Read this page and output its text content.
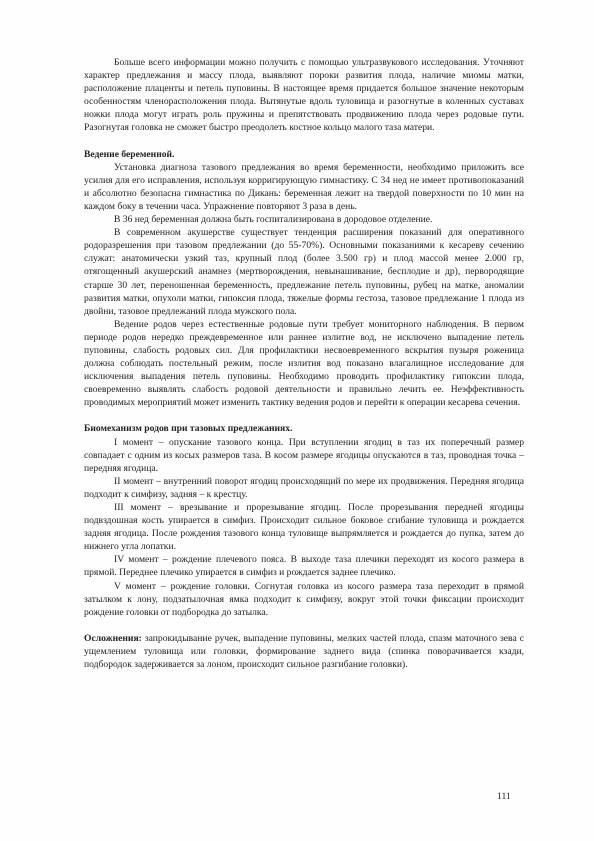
Больше всего информации можно получить с помощью ультразвукового исследования. Уточняют характер предлежания и массу плода, выявляют пороки развития плода, наличие миомы матки, расположение плаценты и петель пуповины. В настоящее время придается большое значение некоторым особенностям членорасположения плода. Вытянутые вдоль туловища и разогнутые в коленных суставах ножки плода могут играть роль пружины и препятствовать продвижению плода через родовые пути. Разогнутая головка не сможет быстро преодолеть костное кольцо малого таза матери.

Ведение беременной.

Установка диагноза тазового предлежания во время беременности, необходимо приложить все усилия для его исправления, используя корригирующую гимнастику. С 34 нед не имеет противопоказаний и абсолютно безопасна гимнастика по Дикань: беременная лежит на твердой поверхности по 10 мин на каждом боку в течении часа. Упражнение повторяют 3 раза в день.

В 36 нед беременная должна быть госпитализирована в дородовое отделение.

В современном акушерстве существует тенденция расширения показаний для оперативного родоразрешения при тазовом предлежании (до 55-70%). Основными показаниями к кесареву сечению служат: анатомически узкий таз, крупный плод (более 3.500 гр) и плод массой менее 2.000 гр, отягощенный акушерский анамнез (мертворождения, невынашивание, бесплодие и др), первородящие старше 30 лет, переношенная беременность, предлежание петель пуповины, рубец на матке, аномалии развития матки, опухоли матки, гипоксия плода, тяжелые формы гестоза, тазовое предлежание 1 плода из двойни, тазовое предлежаний плода мужского пола.

Ведение родов через естественные родовые пути требует мониторного наблюдения. В первом периоде родов нередко преждевременное или раннее излитие вод, не исключено выпадение петель пуповины, слабость родовых сил. Для профилактики несвоевременного вскрытия пузыря роженица должна соблюдать постельный режим, после излития вод показано влагалищное исследование для исключения выпадения петель пуповины. Необходимо проводить профилактику гипоксии плода, своевременно выявлять слабость родовой деятельности и правильно лечить ее. Неэффективность проводимых мероприятий может изменить тактику ведения родов и перейти к операции кесарева сечения.

Биомеханизм родов при тазовых предлежаниях.

I момент – опускание тазового конца. При вступлении ягодиц в таз их поперечный размер совпадает с одним из косых размеров таза. В косом размере ягодицы опускаются в таз, проводная точка – передняя ягодица.

II момент – внутренний поворот ягодиц происходящий по мере их продвижения. Передняя ягодица подходит к симфизу, задняя – к крестцу.

III момент – врезывание и прорезывание ягодиц. После прорезывания передней ягодицы подвздошная кость упирается в симфиз. Происходит сильное боковое сгибание туловища и рождается задняя ягодица. После рождения тазового конца туловище выпрямляется и рождается до пупка, затем до нижнего угла лопатки.

IV момент – рождение плечевого пояса. В выходе таза плечики переходят из косого размера в прямой. Переднее плечико упирается в симфиз и рождается заднее плечико.

V момент – рождение головки. Согнутая головка из косого размера таза переходит в прямой затылком к лону, подзатылочная ямка подходит к симфизу, вокруг этой точки фиксации происходит рождение головки от подбородка до затылка.

Осложнения: запрокидывание ручек, выпадение пуповины, мелких частей плода, спазм маточного зева с ущемлением туловища или головки, формирование заднего вида (спинка поворачивается кзади, подбородок задерживается за лоном, происходит сильное разгибание головки).

111
